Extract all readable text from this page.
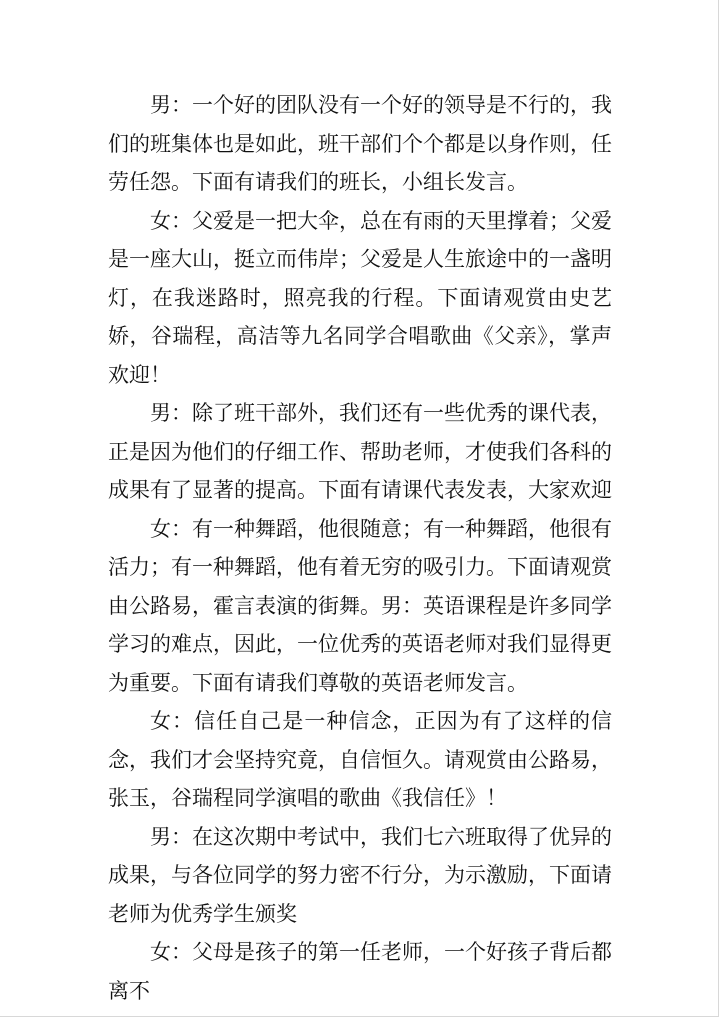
男：一个好的团队没有一个好的领导是不行的，我们的班集体也是如此，班干部们个个都是以身作则，任劳任怨。下面有请我们的班长，小组长发言。

女：父爱是一把大伞，总在有雨的天里撑着；父爱是一座大山，挺立而伟岸；父爱是人生旅途中的一盏明灯，在我迷路时，照亮我的行程。下面请观赏由史艺娇，谷瑞程，高洁等九名同学合唱歌曲《父亲》，掌声欢迎！

男：除了班干部外，我们还有一些优秀的课代表，正是因为他们的仔细工作、帮助老师，才使我们各科的成果有了显著的提高。下面有请课代表发表，大家欢迎

女：有一种舞蹈，他很随意；有一种舞蹈，他很有活力；有一种舞蹈，他有着无穷的吸引力。下面请观赏由公路易，霍言表演的街舞。男：英语课程是许多同学学习的难点，因此，一位优秀的英语老师对我们显得更为重要。下面有请我们尊敬的英语老师发言。

女：信任自己是一种信念，正因为有了这样的信念，我们才会坚持究竟，自信恒久。请观赏由公路易，张玉，谷瑞程同学演唱的歌曲《我信任》！

男：在这次期中考试中，我们七六班取得了优异的成果，与各位同学的努力密不行分，为示激励，下面请老师为优秀学生颁奖

女：父母是孩子的第一任老师，一个好孩子背后都离不
